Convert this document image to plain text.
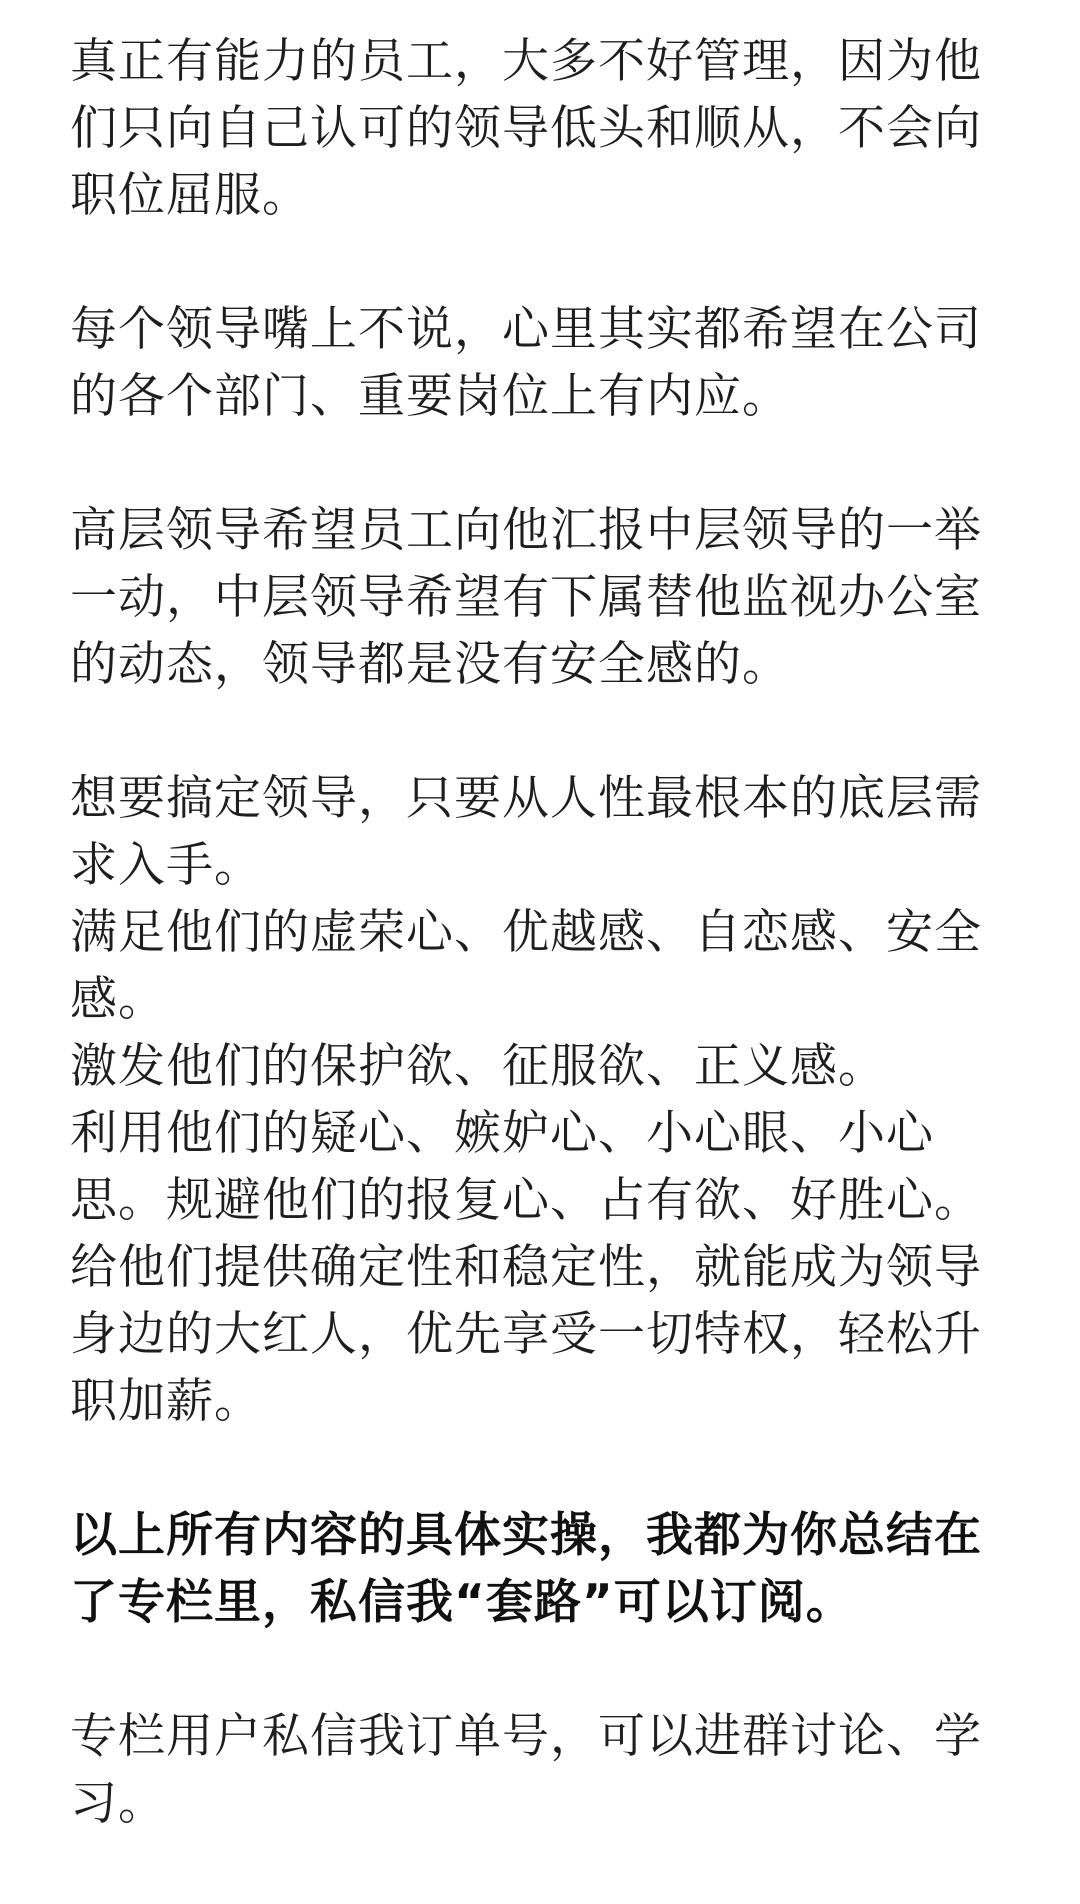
真正有能力的员工，大多不好管理，因为他们只向自己认可的领导低头和顺从，不会向职位屈服。

每个领导嘴上不说，心里其实都希望在公司的各个部门、重要岗位上有内应。

高层领导希望员工向他汇报中层领导的一举一动，中层领导希望有下属替他监视办公室的动态，领导都是没有安全感的。

想要搞定领导，只要从人性最根本的底层需求入手。

满足他们的虚荣心、优越感、自恋感、安全感。

激发他们的保护欲、征服欲、正义感。

利用他们的疑心、嫉妒心、小心眼、小心思。规避他们的报复心、占有欲、好胜心。

给他们提供确定性和稳定性，就能成为领导身边的大红人，优先享受一切特权，轻松升职加薪。

以上所有内容的具体实操，我都为你总结在了专栏里，私信我“套路”可以订阅。

专栏用户私信我订单号，可以进群讨论、学习。
